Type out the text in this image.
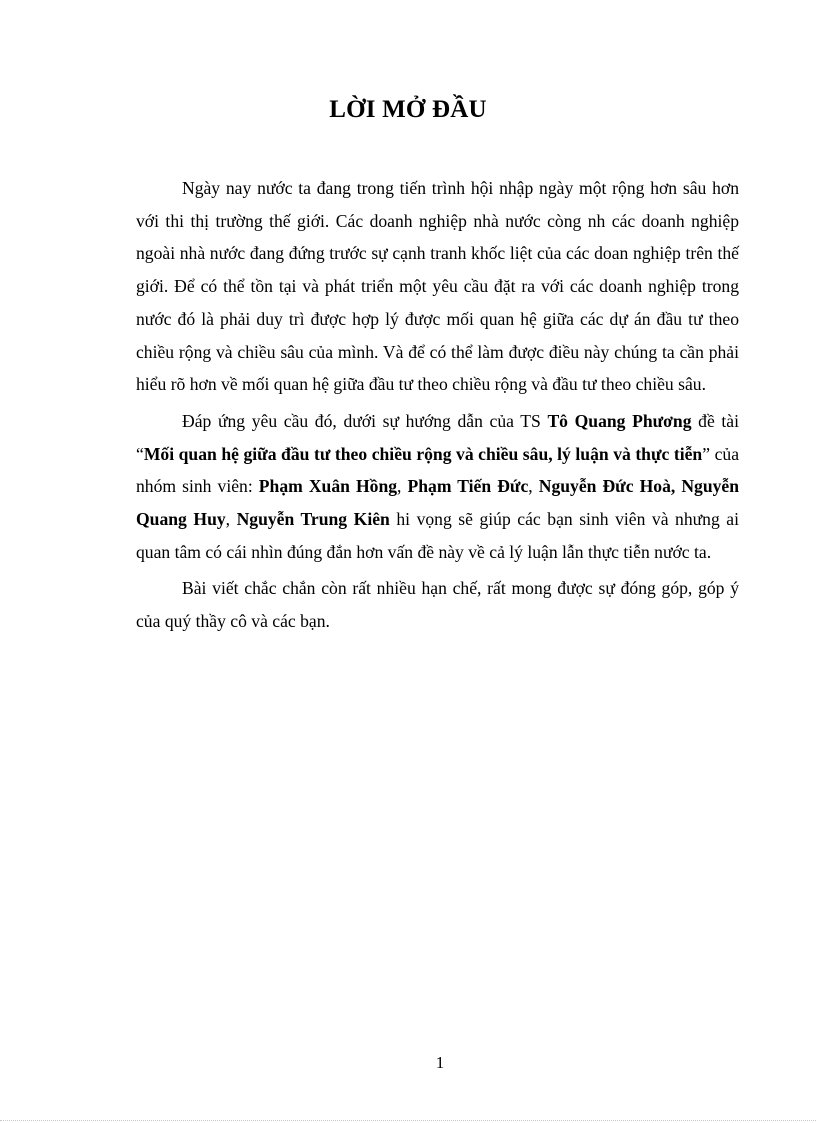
LỜI MỞ ĐẦU

Ngày nay nước ta đang trong tiến trình hội nhập ngày một rộng hơn sâu hơn với thi thị trường thế giới. Các doanh nghiệp nhà nước còng nh các doanh nghiệp ngoài nhà nước đang đứng trước sự cạnh tranh khốc liệt của các doan nghiệp trên thế giới. Để có thể tồn tại và phát triển một yêu cầu đặt ra với các doanh nghiệp trong nước đó là phải duy trì được hợp lý được mối quan hệ giữa các dự án đầu tư theo chiều rộng và chiều sâu của mình. Và để có thể làm được điều này chúng ta cần phải hiểu rõ hơn về mối quan hệ giữa đầu tư theo chiều rộng và đầu tư theo chiều sâu.

Đáp ứng yêu cầu đó, dưới sự hướng dẫn của TS Tô Quang Phương đề tài “Mối quan hệ giữa đầu tư theo chiều rộng và chiều sâu, lý luận và thực tiễn” của nhóm sinh viên: Phạm Xuân Hồng, Phạm Tiến Đức, Nguyễn Đức Hoà, Nguyễn Quang Huy, Nguyễn Trung Kiên hi vọng sẽ giúp các bạn sinh viên và nhưng ai quan tâm có cái nhìn đúng đắn hơn vấn đề này về cả lý luận lẫn thực tiễn nước ta.

Bài viết chắc chắn còn rất nhiều hạn chế, rất mong được sự đóng góp, góp ý của quý thầy cô và các bạn.

1
